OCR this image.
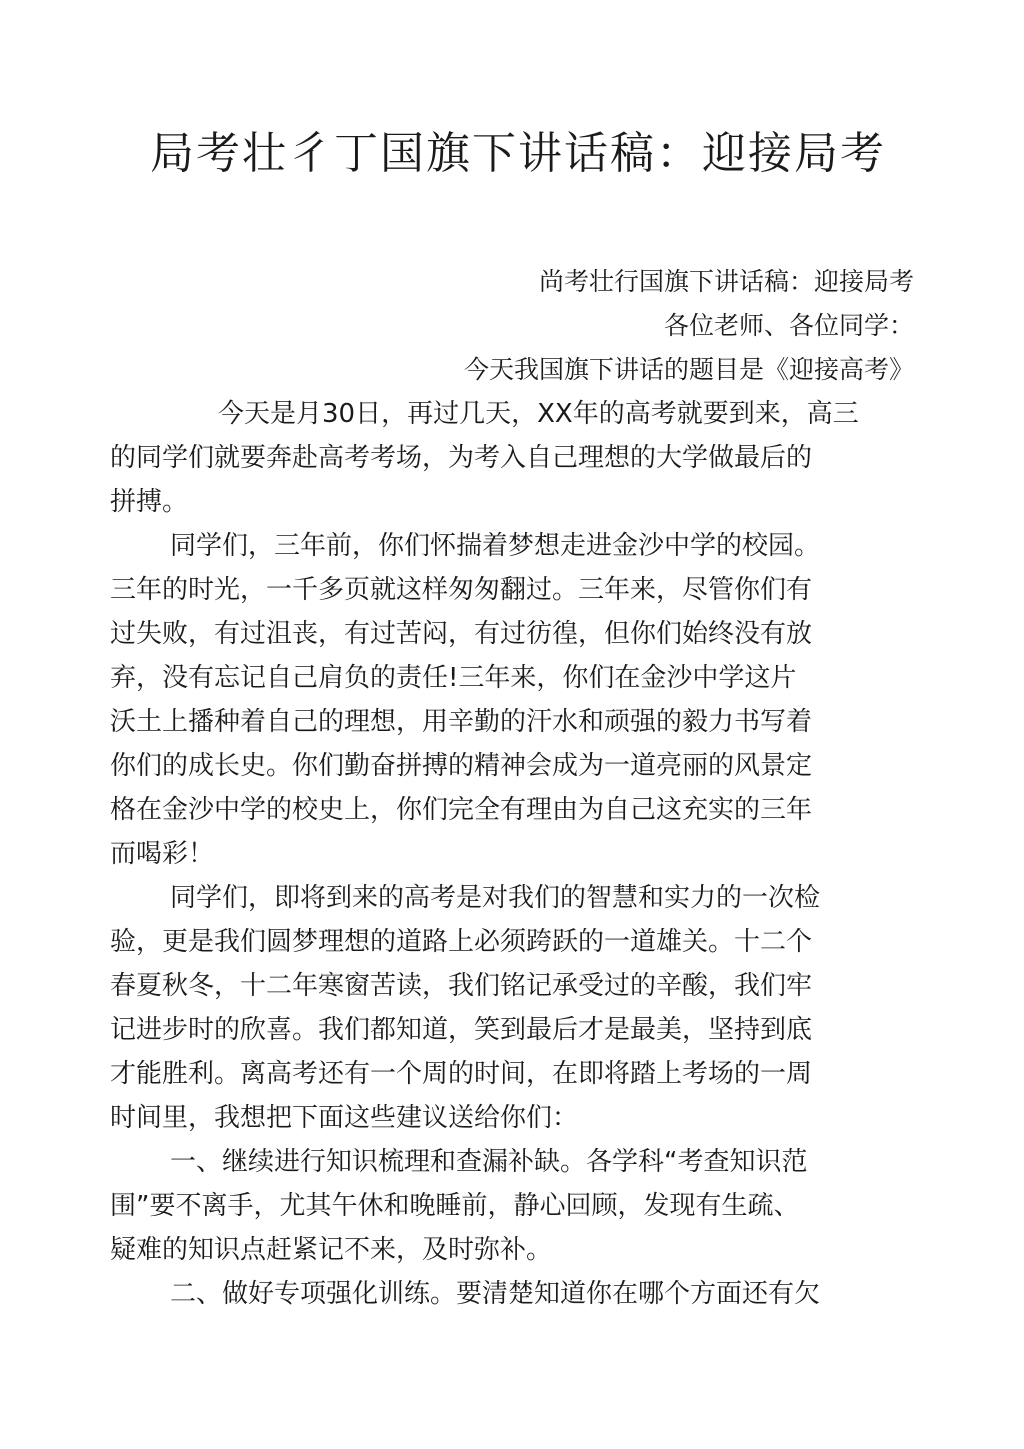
局考壮彳丁国旗下讲话稿：迎接局考
尚考壮行国旗下讲话稿：迎接局考
各位老师、各位同学：
今天我国旗下讲话的题目是《迎接高考》
今天是月30日，再过几天，XX年的高考就要到来，高三
的同学们就要奔赴高考考场，为考入自己理想的大学做最后的
拼搏。
同学们，三年前，你们怀揣着梦想走进金沙中学的校园。
三年的时光，一千多页就这样匆匆翻过。三年来，尽管你们有
过失败，有过沮丧，有过苦闷，有过彷徨，但你们始终没有放
弃，没有忘记自己肩负的责任!三年来，你们在金沙中学这片
沃土上播种着自己的理想，用辛勤的汗水和顽强的毅力书写着
你们的成长史。你们勤奋拼搏的精神会成为一道亮丽的风景定
格在金沙中学的校史上，你们完全有理由为自己这充实的三年
而喝彩！
同学们，即将到来的高考是对我们的智慧和实力的一次检
验，更是我们圆梦理想的道路上必须跨跃的一道雄关。十二个
春夏秋冬，十二年寒窗苦读，我们铭记承受过的辛酸，我们牢
记进步时的欣喜。我们都知道，笑到最后才是最美，坚持到底
才能胜利。离高考还有一个周的时间，在即将踏上考场的一周
时间里，我想把下面这些建议送给你们：
一、继续进行知识梳理和查漏补缺。各学科“考查知识范
围”要不离手，尤其午休和晚睡前，静心回顾，发现有生疏、
疑难的知识点赶紧记不来，及时弥补。
二、做好专项强化训练。要清楚知道你在哪个方面还有欠
